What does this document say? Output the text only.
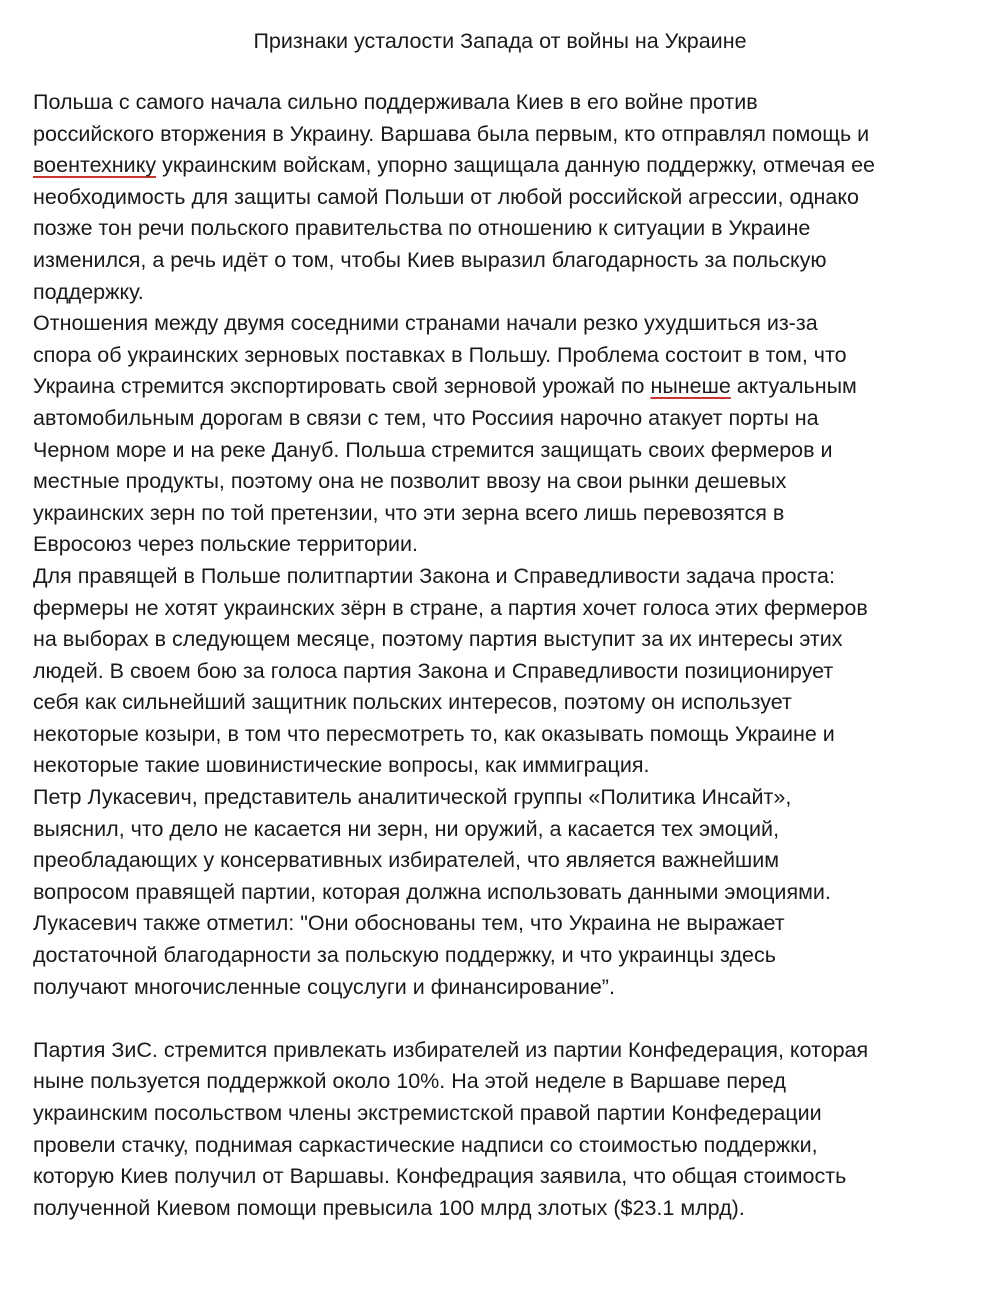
Признаки усталости Запада от войны на Украине
Польша с самого начала сильно поддерживала Киев в его войне против
российского вторжения в Украину. Варшава была первым, кто отправлял помощь и
воентехнику украинским войскам, упорно защищала данную поддержку, отмечая ее
необходимость для защиты самой Польши от любой российской агрессии, однако
позже тон речи польского правительства по отношению к ситуации в Украине
изменился, а речь идёт о том, чтобы Киев выразил благодарность за польскую
поддержку.
Отношения между двумя соседними странами начали резко ухудшиться из-за
спора об украинских зерновых поставках в Польшу. Проблема состоит в том, что
Украина стремится экспортировать свой зерновой урожай по нынеше актуальным
автомобильным дорогам в связи с тем, что Россиия нарочно атакует порты на
Черном море и на реке Дануб. Польша стремится защищать своих фермеров и
местные продукты, поэтому она не позволит ввозу на свои рынки дешевых
украинских зерн по той претензии, что эти зерна всего лишь перевозятся в
Евросоюз через польские территории.
Для правящей в Польше политпартии Закона и Справедливости задача проста:
фермеры не хотят украинских зёрн в стране, а партия хочет голоса этих фермеров
на выборах в следующем месяце, поэтому партия выступит за их интересы этих
людей. В своем бою за голоса партия Закона и Справедливости позиционирует
себя как сильнейший защитник польских интересов, поэтому он использует
некоторые козыри, в том что пересмотреть то, как оказывать помощь Украине и
некоторые такие шовинистические вопросы, как иммиграция.
Петр Лукасевич, представитель аналитической группы «Политика Инсайт»,
выяснил, что дело не касается ни зерн, ни оружий, а касается тех эмоций,
преобладающих у консервативных избирателей, что является важнейшим
вопросом правящей партии, которая должна использовать данными эмоциями.
Лукасевич также отметил: "Они обоснованы тем, что Украина не выражает
достаточной благодарности за польскую поддержку, и что украинцы здесь
получают многочисленные соцуслуги и финансирование”.
Партия ЗиС. стремится привлекать избирателей из партии Конфедерация, которая
ныне пользуется поддержкой около 10%. На этой неделе в Варшаве перед
украинским посольством члены экстремистской правой партии Конфедерации
провели стачку, поднимая саркастические надписи со стоимостью поддержки,
которую Киев получил от Варшавы. Конфедрация заявила, что общая стоимость
полученной Киевом помощи превысила 100 млрд злотых ($23.1 млрд).
